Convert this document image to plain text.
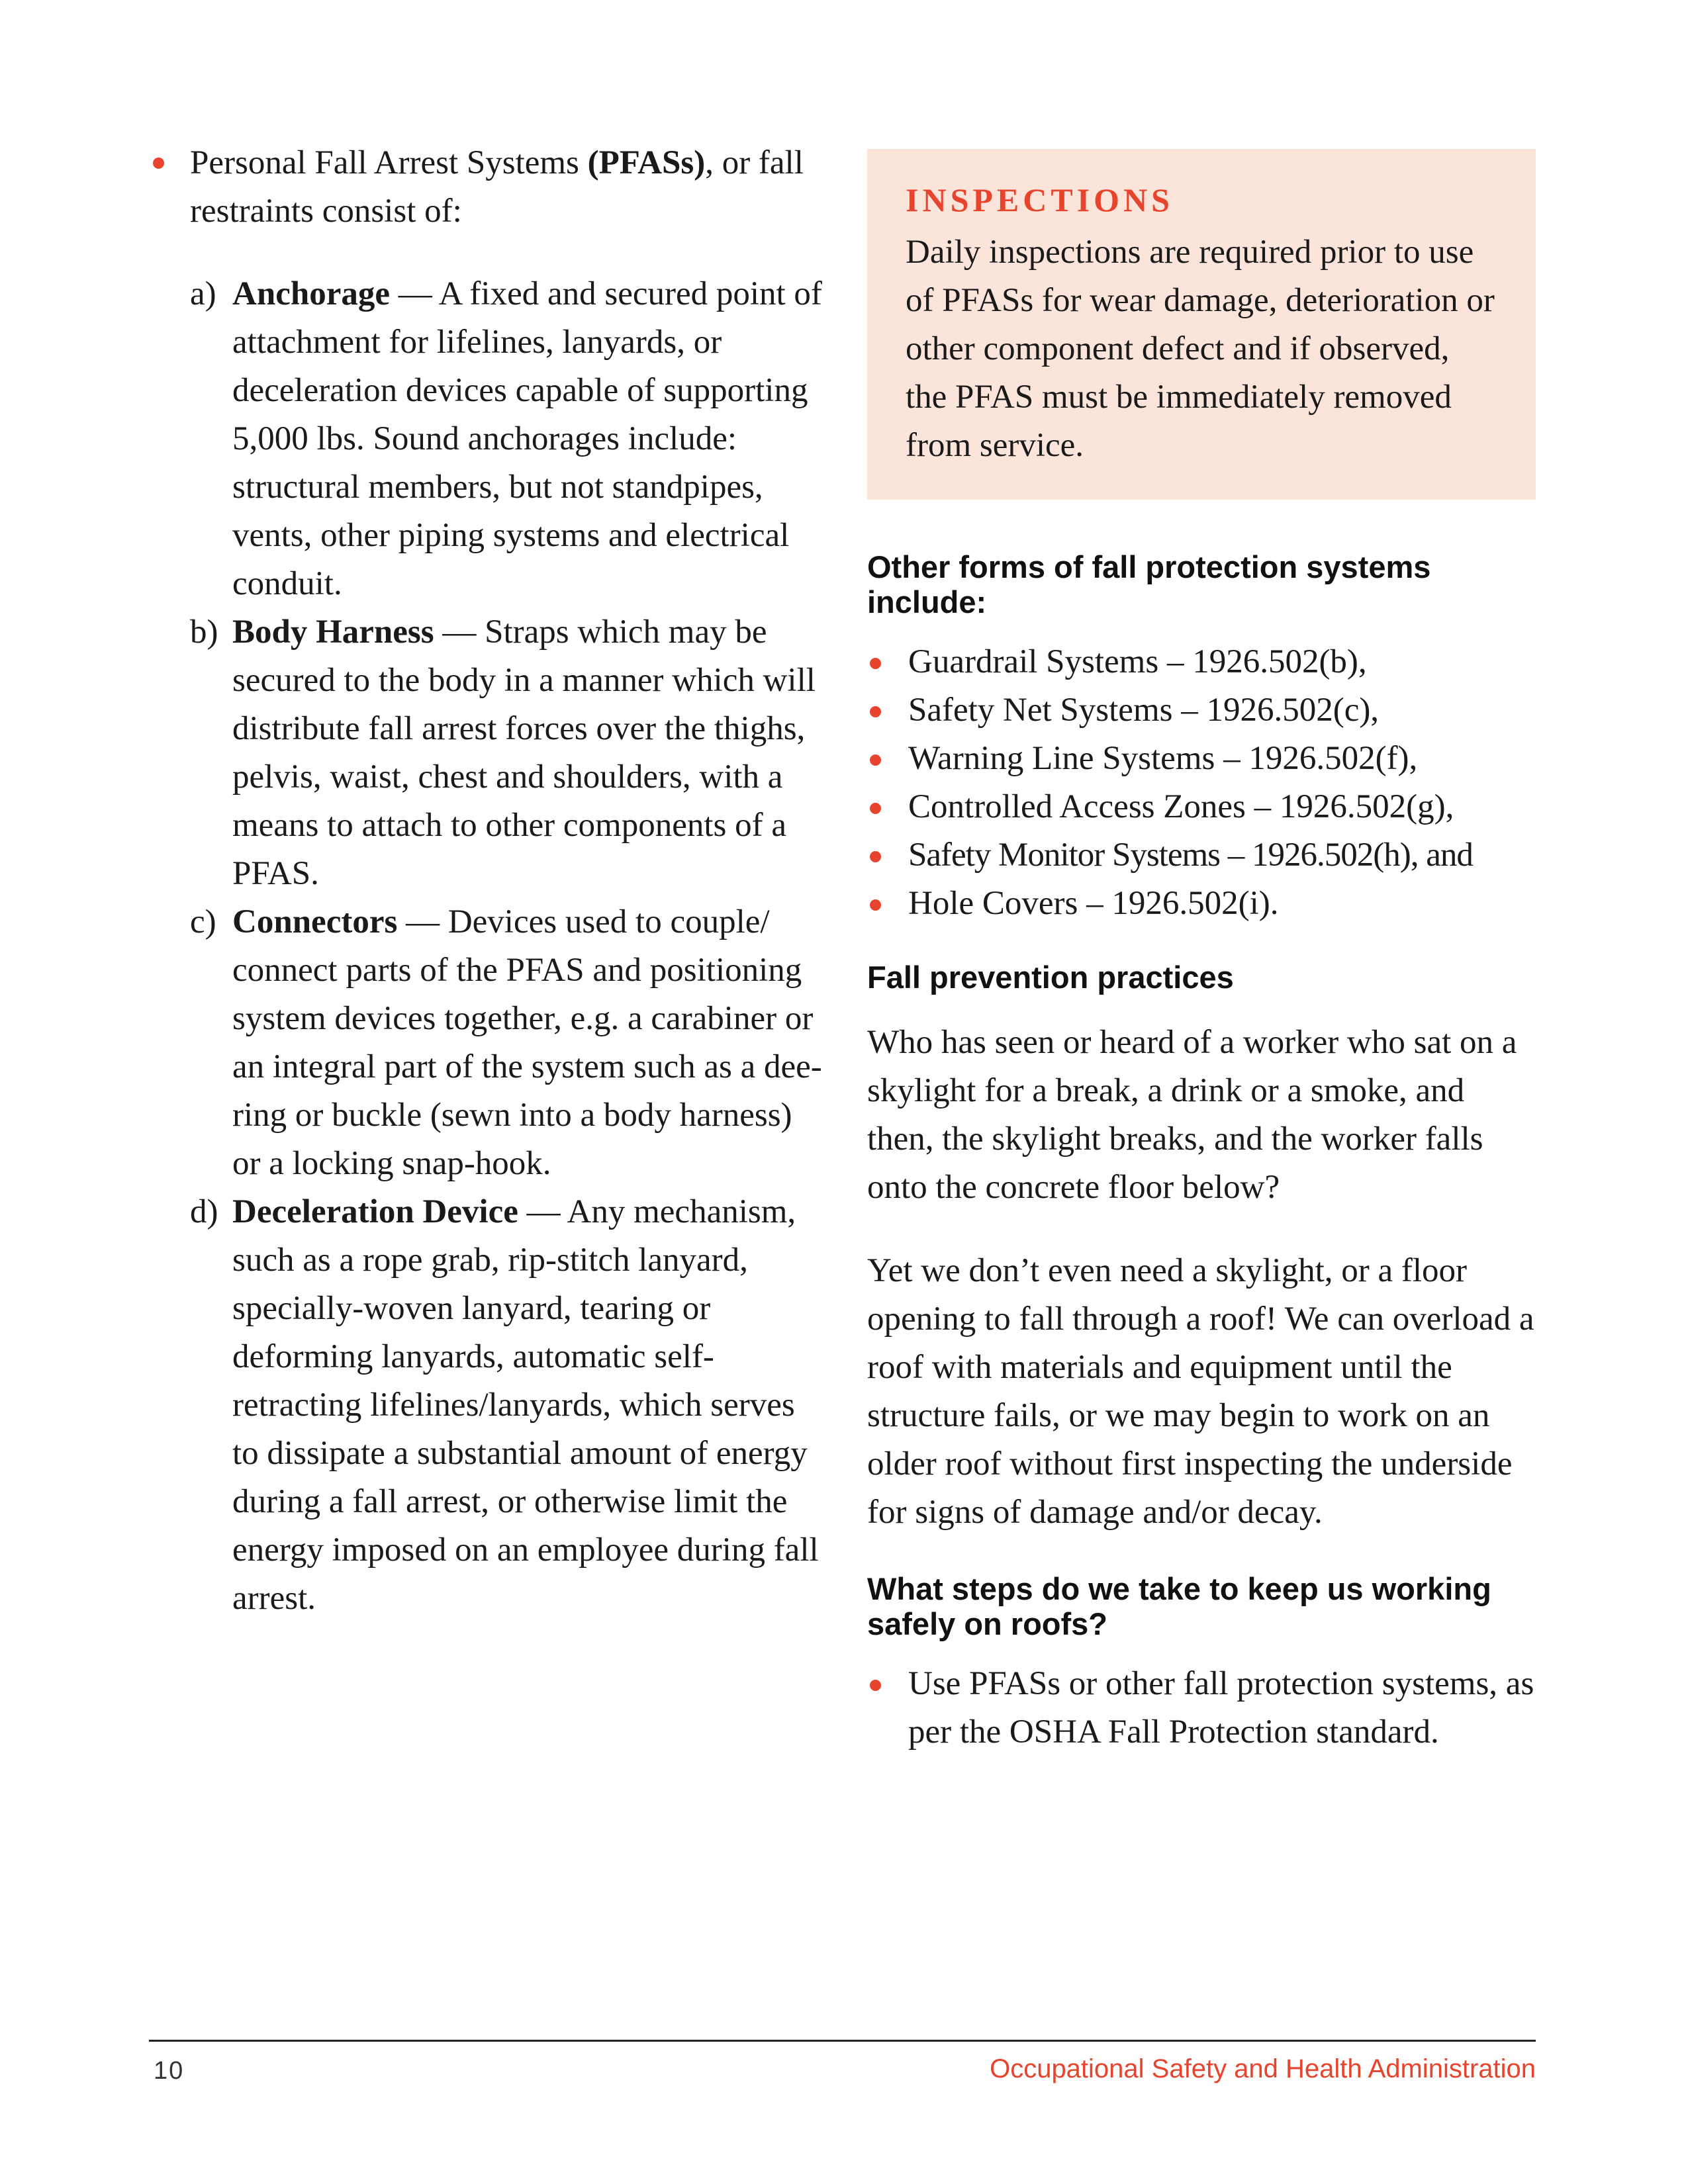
Personal Fall Arrest Systems (PFASs), or fall restraints consist of:
a) Anchorage — A fixed and secured point of attachment for lifelines, lanyards, or deceleration devices capable of supporting 5,000 lbs. Sound anchorages include: structural members, but not standpipes, vents, other piping systems and electrical conduit.
b) Body Harness — Straps which may be secured to the body in a manner which will distribute fall arrest forces over the thighs, pelvis, waist, chest and shoulders, with a means to attach to other components of a PFAS.
c) Connectors — Devices used to couple/ connect parts of the PFAS and positioning system devices together, e.g. a carabiner or an integral part of the system such as a dee-ring or buckle (sewn into a body harness) or a locking snap-hook.
d) Deceleration Device — Any mechanism, such as a rope grab, rip-stitch lanyard, specially-woven lanyard, tearing or deforming lanyards, automatic self-retracting lifelines/lanyards, which serves to dissipate a substantial amount of energy during a fall arrest, or otherwise limit the energy imposed on an employee during fall arrest.
INSPECTIONS
Daily inspections are required prior to use of PFASs for wear damage, deterioration or other component defect and if observed, the PFAS must be immediately removed from service.
Other forms of fall protection systems include:
Guardrail Systems – 1926.502(b),
Safety Net Systems – 1926.502(c),
Warning Line Systems – 1926.502(f),
Controlled Access Zones – 1926.502(g),
Safety Monitor Systems – 1926.502(h), and
Hole Covers – 1926.502(i).
Fall prevention practices

Who has seen or heard of a worker who sat on a skylight for a break, a drink or a smoke, and then, the skylight breaks, and the worker falls onto the concrete floor below?

Yet we don’t even need a skylight, or a floor opening to fall through a roof! We can overload a roof with materials and equipment until the structure fails, or we may begin to work on an older roof without first inspecting the underside for signs of damage and/or decay.

What steps do we take to keep us working safely on roofs?
Use PFASs or other fall protection systems, as per the OSHA Fall Protection standard.
10	Occupational Safety and Health Administration
